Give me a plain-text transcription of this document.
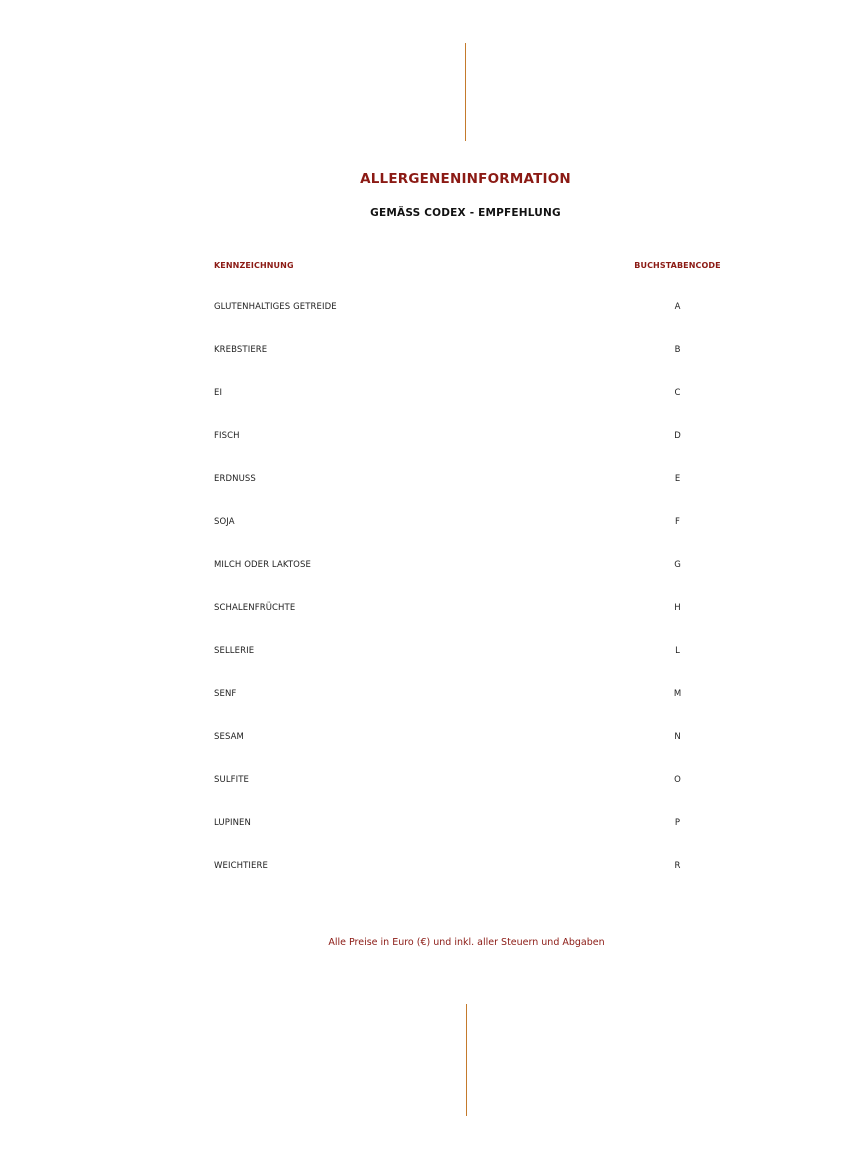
ALLERGENENINFORMATION
GEMÄSS CODEX - EMPFEHLUNG
KENNZEICHNUNG	BUCHSTABENCODE
GLUTENHALTIGES GETREIDE	A
KREBSTIERE	B
EI	C
FISCH	D
ERDNUSS	E
SOJA	F
MILCH ODER LAKTOSE	G
SCHALENFRÜCHTE	H
SELLERIE	L
SENF	M
SESAM	N
SULFITE	O
LUPINEN	P
WEICHTIERE	R
Alle Preise in Euro (€) und inkl. aller Steuern und Abgaben
